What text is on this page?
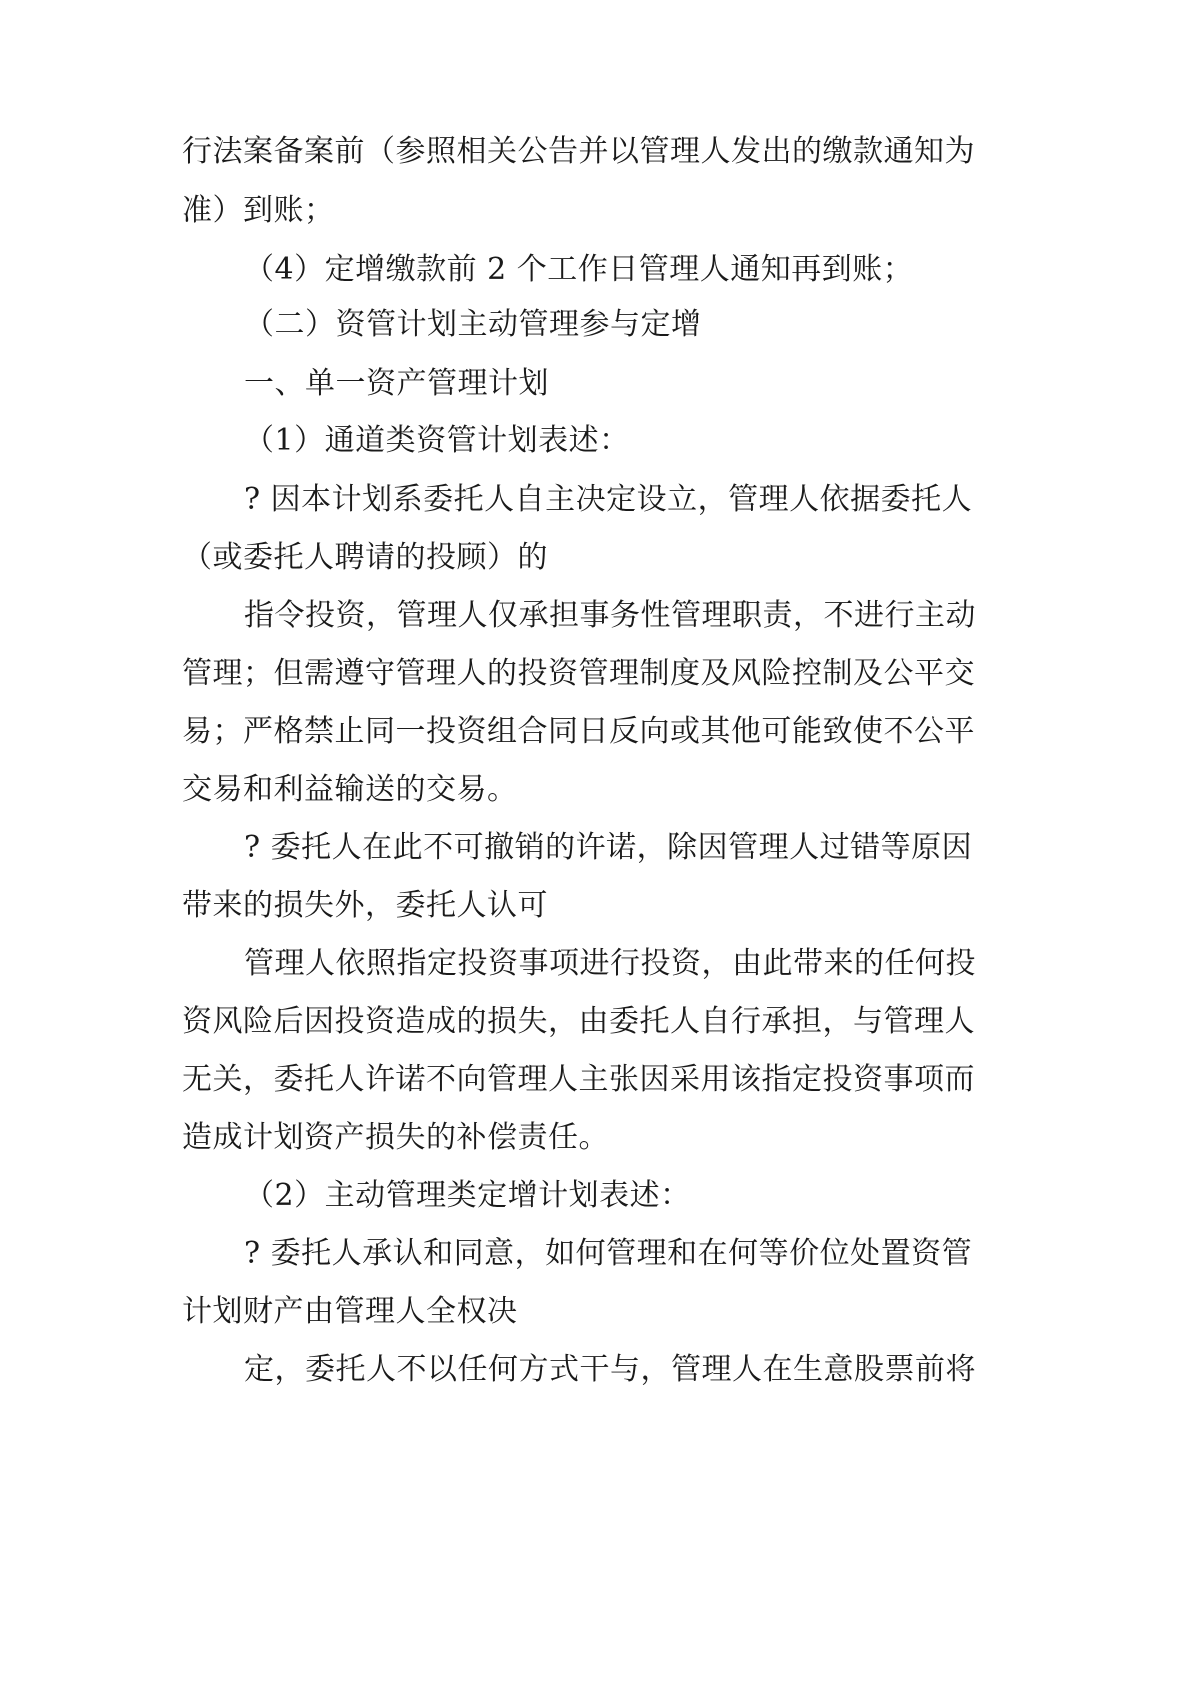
行法案备案前（参照相关公告并以管理人发出的缴款通知为
准）到账；
（4）定增缴款前 2 个工作日管理人通知再到账；
（二）资管计划主动管理参与定增
一、单一资产管理计划
（1）通道类资管计划表述：
? 因本计划系委托人自主决定设立，管理人依据委托人
（或委托人聘请的投顾）的
指令投资，管理人仅承担事务性管理职责，不进行主动
管理；但需遵守管理人的投资管理制度及风险控制及公平交
易；严格禁止同一投资组合同日反向或其他可能致使不公平
交易和利益输送的交易。
? 委托人在此不可撤销的许诺，除因管理人过错等原因
带来的损失外，委托人认可
管理人依照指定投资事项进行投资，由此带来的任何投
资风险后因投资造成的损失，由委托人自行承担，与管理人
无关，委托人许诺不向管理人主张因采用该指定投资事项而
造成计划资产损失的补偿责任。
（2）主动管理类定增计划表述：
? 委托人承认和同意，如何管理和在何等价位处置资管
计划财产由管理人全权决
定，委托人不以任何方式干与，管理人在生意股票前将
